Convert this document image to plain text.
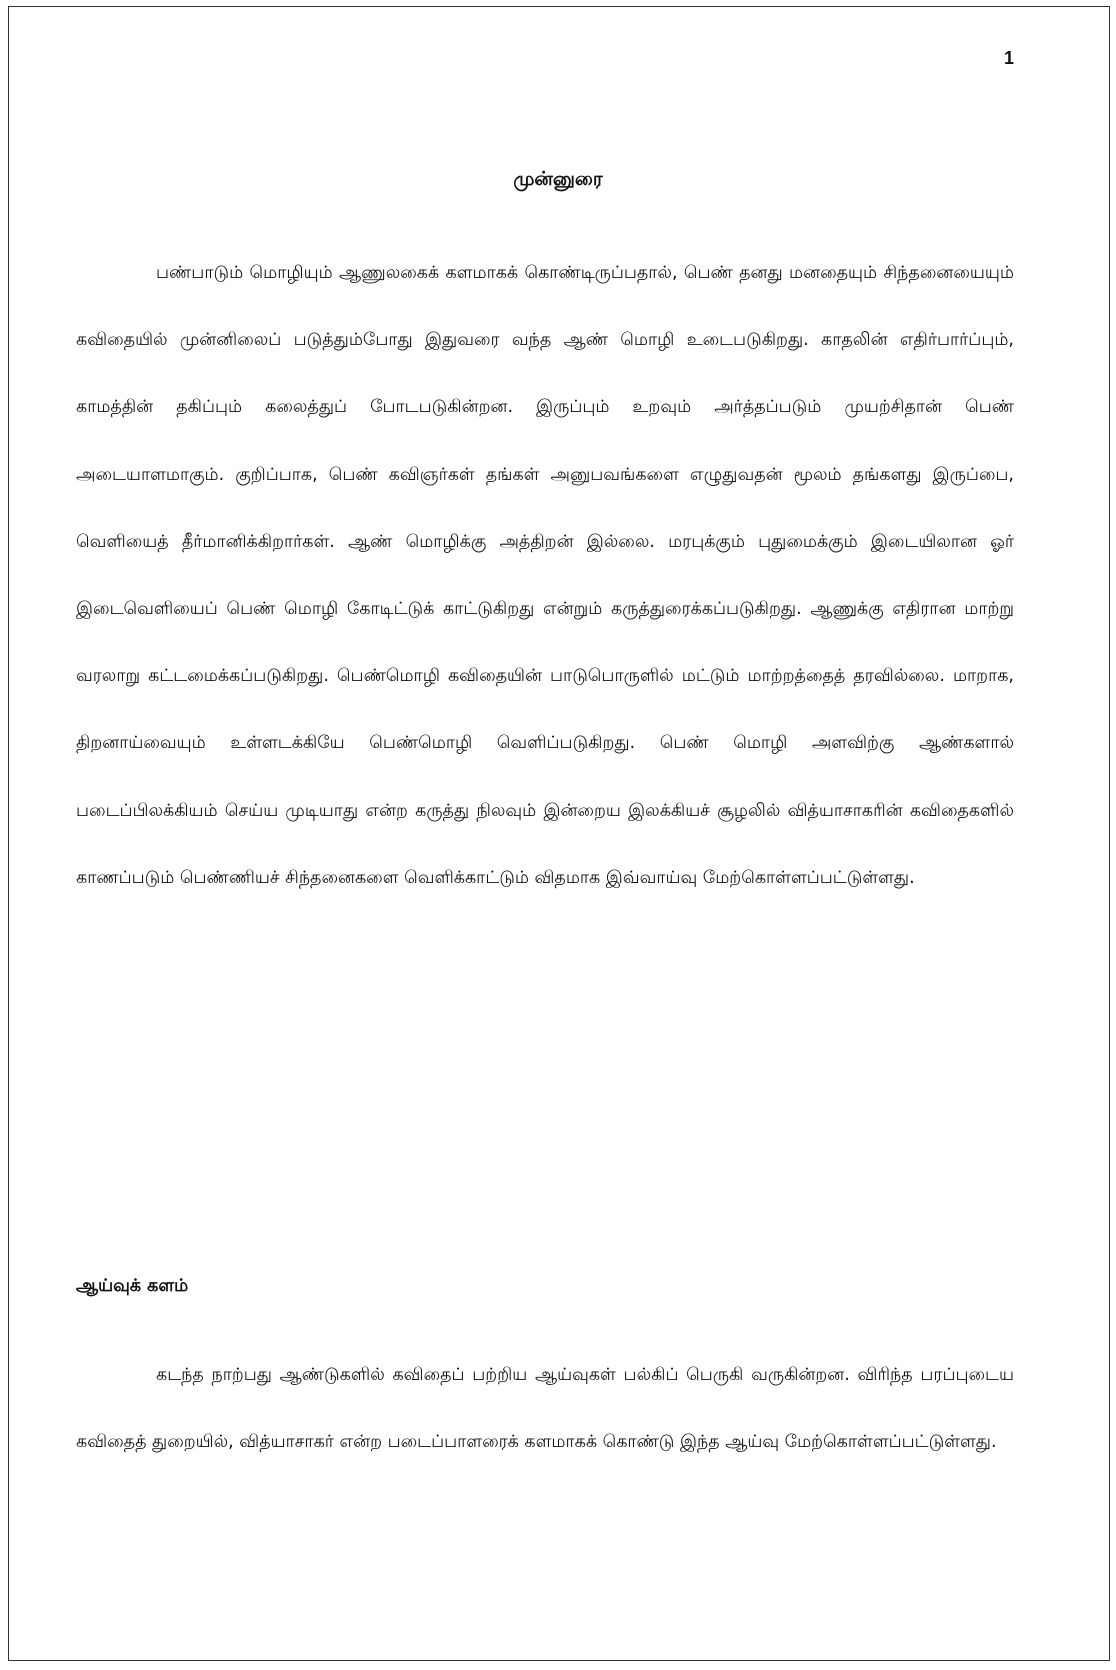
1
முன்னுரை

பண்பாடும் மொழியும் ஆணுலகைக் களமாகக் கொண்டிருப்பதால், பெண் தனது மனதையும் சிந்தனையையும் கவிதையில் முன்னிலைப் படுத்தும்போது இதுவரை வந்த ஆண் மொழி உடைபடுகிறது. காதலின் எதிர்பார்ப்பும், காமத்தின் தகிப்பும் கலைத்துப் போடபடுகின்றன. இருப்பும் உறவும் அர்த்தப்படும் முயற்சிதான் பெண் அடையாளமாகும். குறிப்பாக, பெண் கவிஞர்கள் தங்கள் அனுபவங்களை எழுதுவதன் மூலம் தங்களது இருப்பை, வெளியைத் தீர்மானிக்கிறார்கள். ஆண் மொழிக்கு அத்திறன் இல்லை. மரபுக்கும் புதுமைக்கும் இடையிலான ஓர் இடைவெளியைப் பெண் மொழி கோடிட்டுக் காட்டுகிறது என்றும் கருத்துரைக்கப்படுகிறது. ஆணுக்கு எதிரான மாற்று வரலாறு கட்டமைக்கப்படுகிறது. பெண்மொழி கவிதையின் பாடுபொருளில் மட்டும் மாற்றத்தைத் தரவில்லை. மாறாக, திறனாய்வையும் உள்ளடக்கியே பெண்மொழி வெளிப்படுகிறது. பெண் மொழி அளவிற்கு ஆண்களால் படைப்பிலக்கியம் செய்ய முடியாது என்ற கருத்து நிலவும் இன்றைய இலக்கியச் சூழலில் வித்யாசாகரின் கவிதைகளில் காணப்படும் பெண்ணியச் சிந்தனைகளை வெளிக்காட்டும் விதமாக இவ்வாய்வு மேற்கொள்ளப்பட்டுள்ளது.

ஆய்வுக் களம்

கடந்த நாற்பது ஆண்டுகளில் கவிதைப் பற்றிய ஆய்வுகள் பல்கிப் பெருகி வருகின்றன. விரிந்த பரப்புடைய கவிதைத் துறையில், வித்யாசாகர் என்ற படைப்பாளரைக் களமாகக் கொண்டு இந்த ஆய்வு மேற்கொள்ளப்பட்டுள்ளது.
